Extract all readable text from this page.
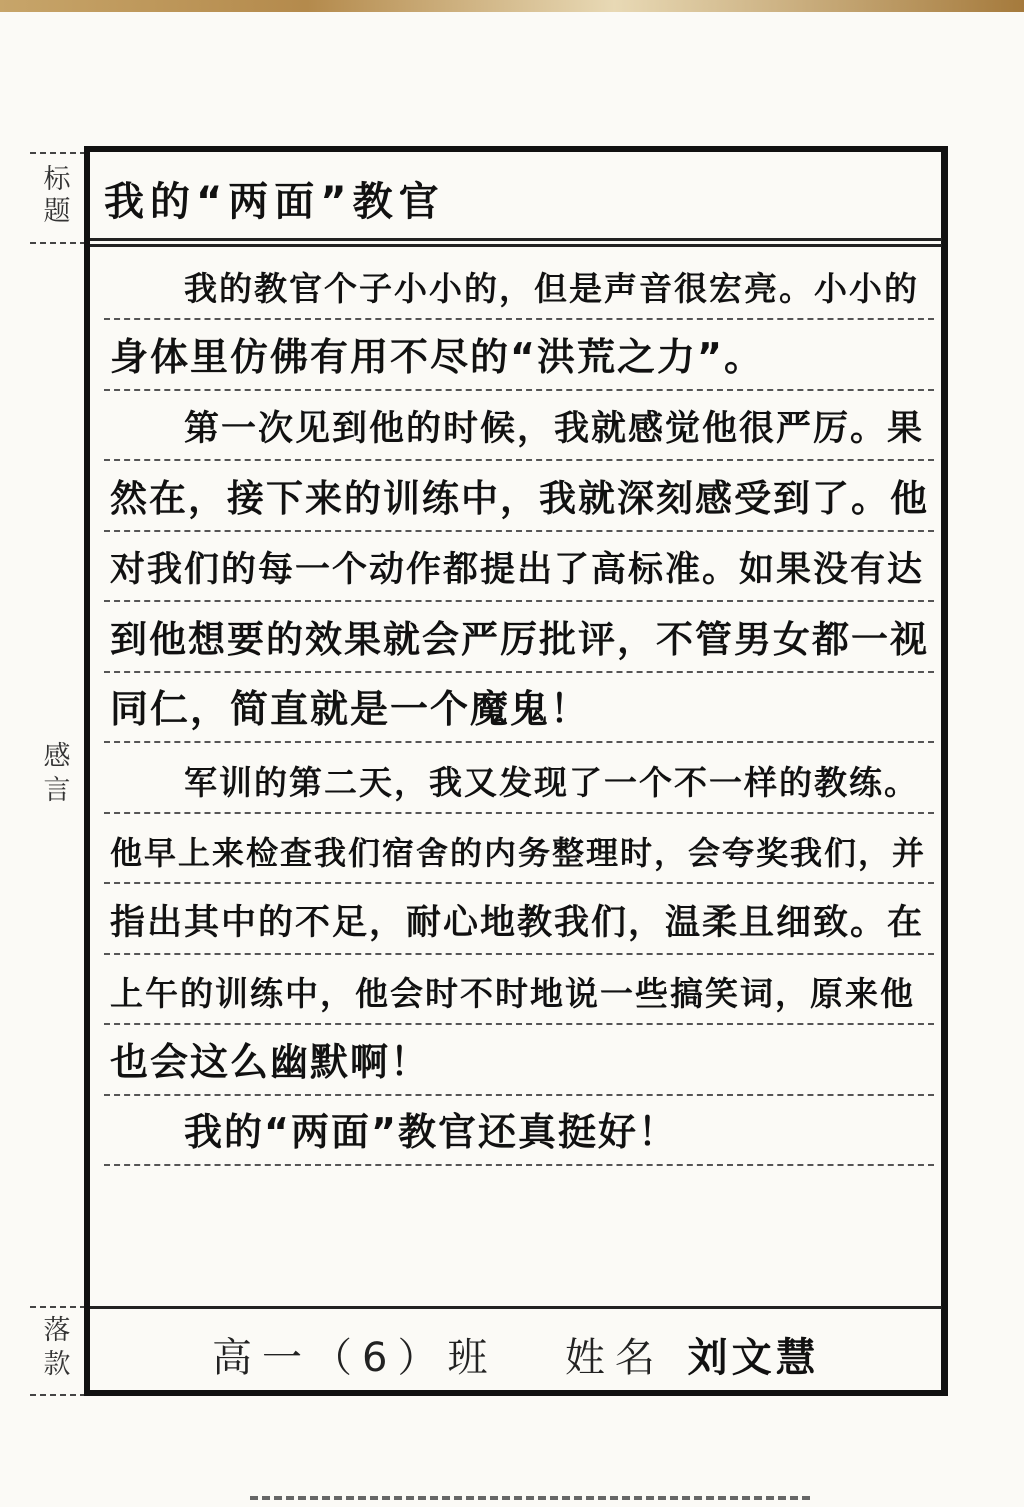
标题
感言
落款
我的“两面”教官
我的教官个子小小的，但是声音很宏亮。小小的
身体里仿佛有用不尽的“洪荒之力”。
第一次见到他的时候，我就感觉他很严厉。果
然在，接下来的训练中，我就深刻感受到了。他
对我们的每一个动作都提出了高标准。如果没有达
到他想要的效果就会严厉批评，不管男女都一视
同仁，简直就是一个魔鬼！
军训的第二天，我又发现了一个不一样的教练。
他早上来检查我们宿舍的内务整理时，会夸奖我们，并
指出其中的不足，耐心地教我们，温柔且细致。在
上午的训练中，他会时不时地说一些搞笑词，原来他
也会这么幽默啊！
我的“两面”教官还真挺好！
高一（6）班 姓名 刘文慧
